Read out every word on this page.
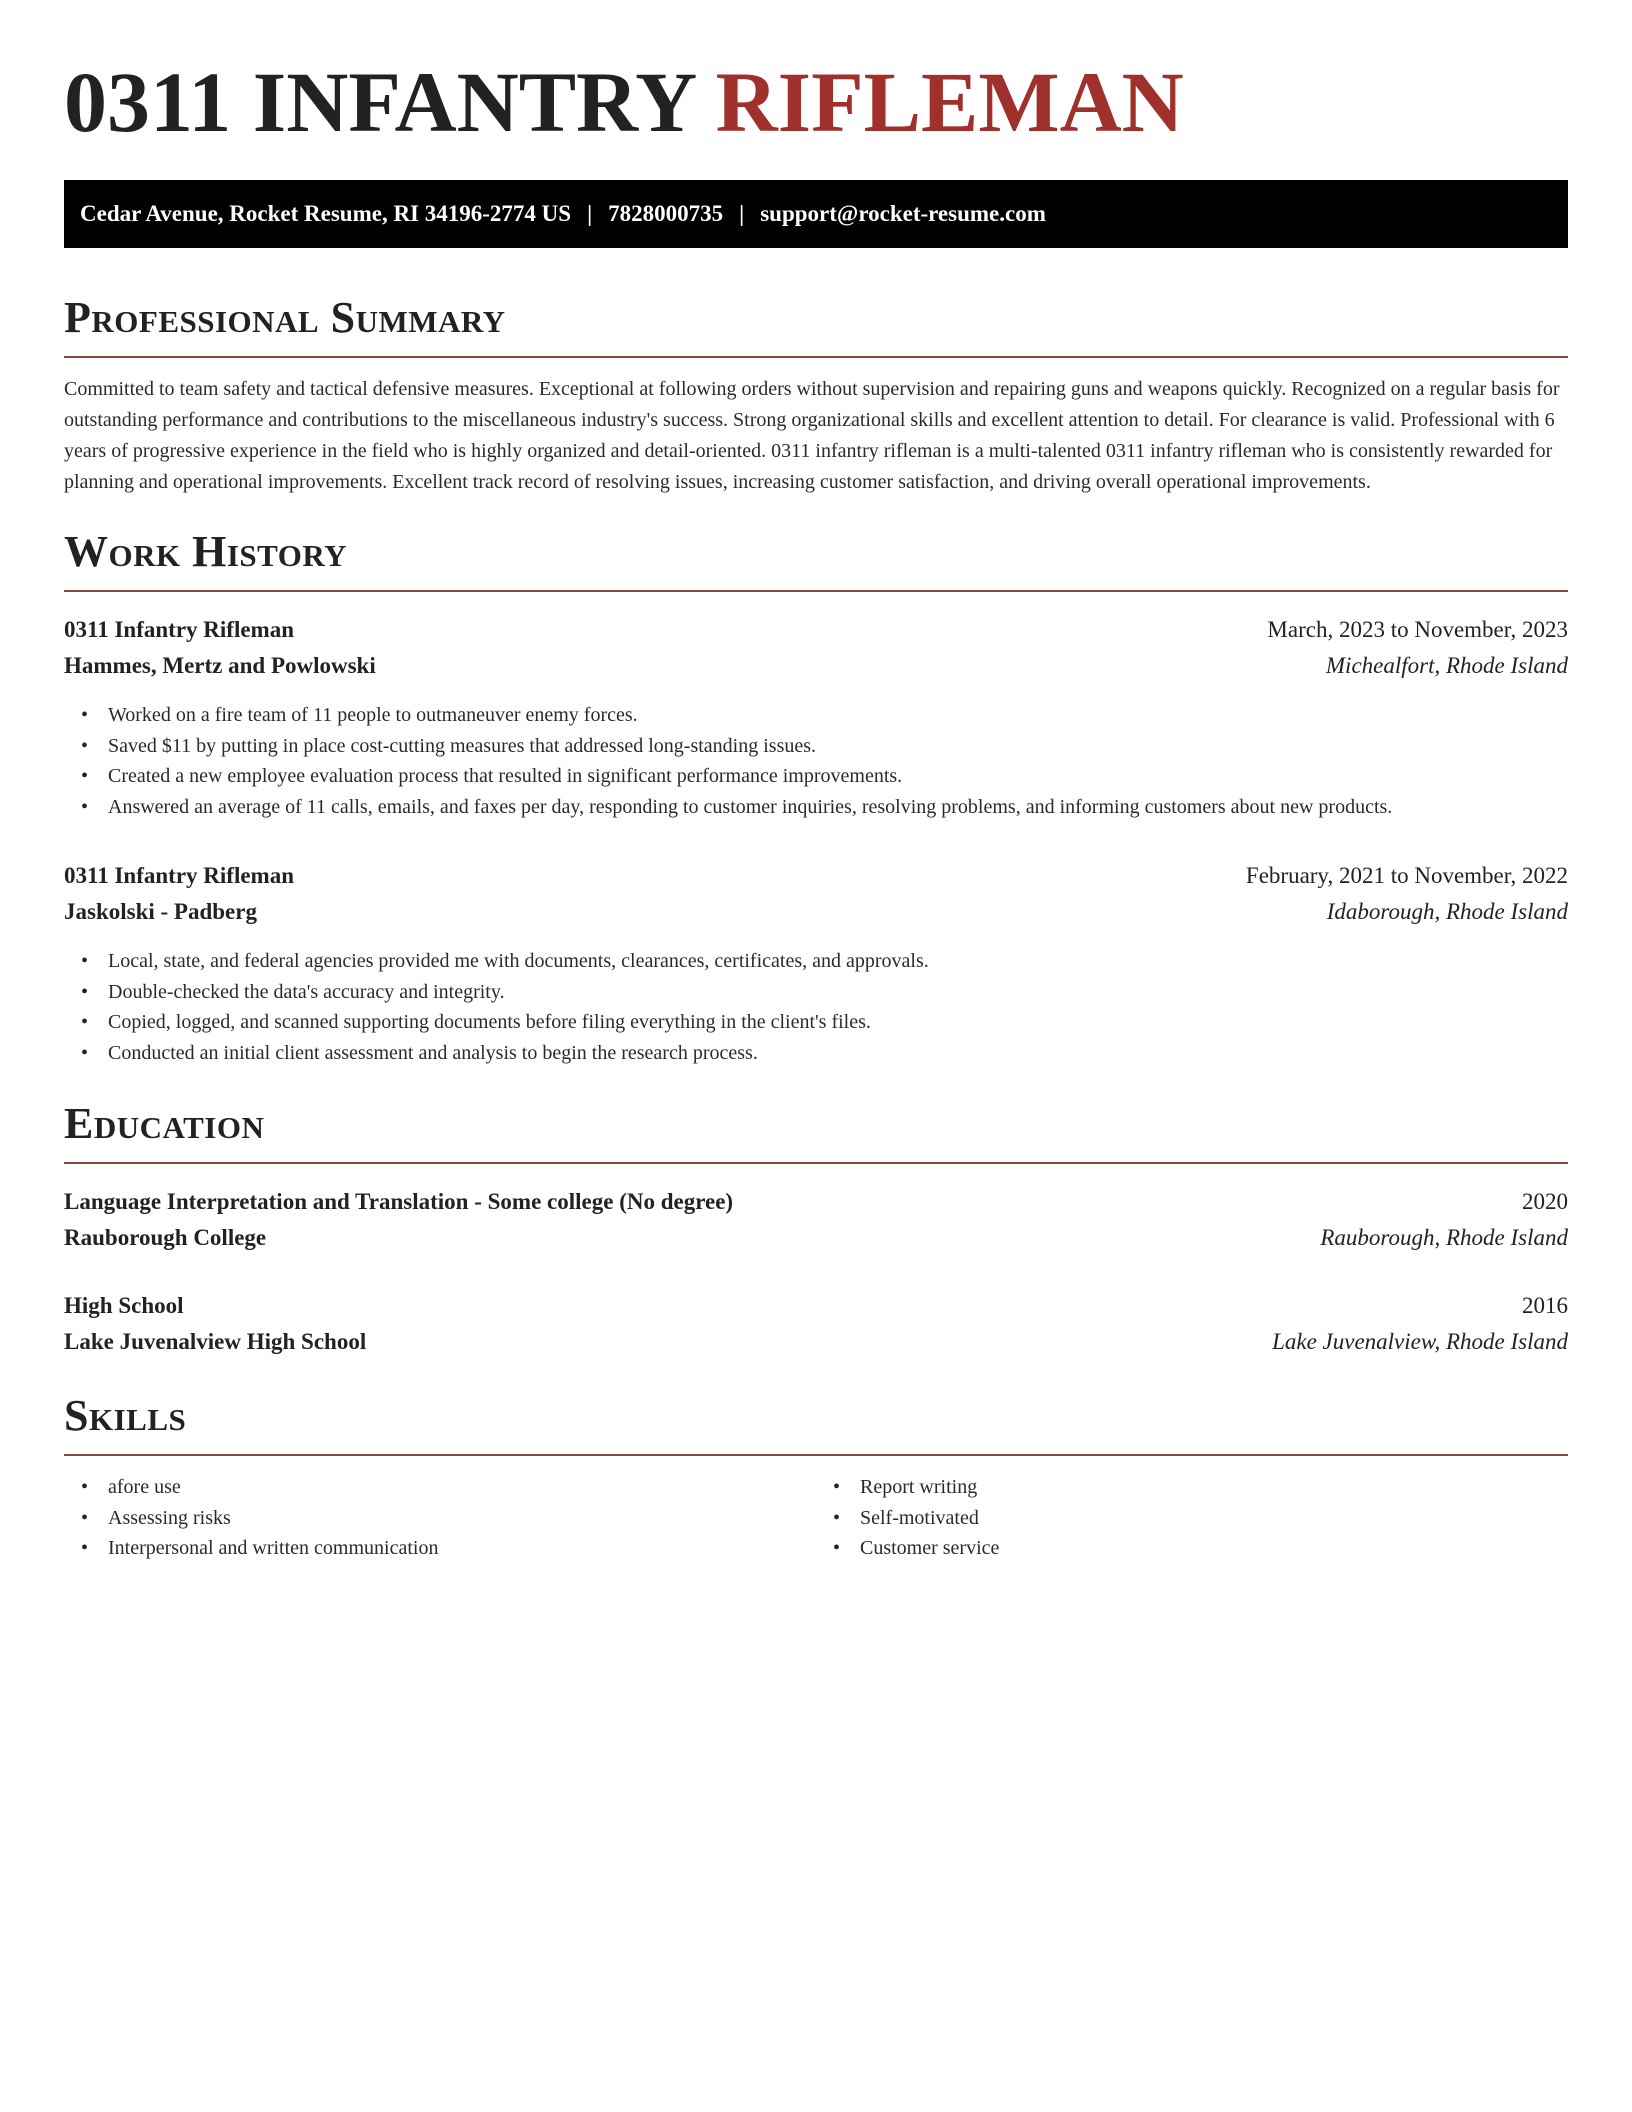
0311 INFANTRY RIFLEMAN
Cedar Avenue, Rocket Resume, RI 34196-2774 US | 7828000735 | support@rocket-resume.com
Professional Summary

Committed to team safety and tactical defensive measures. Exceptional at following orders without supervision and repairing guns and weapons quickly. Recognized on a regular basis for outstanding performance and contributions to the miscellaneous industry's success. Strong organizational skills and excellent attention to detail. For clearance is valid. Professional with 6 years of progressive experience in the field who is highly organized and detail-oriented. 0311 infantry rifleman is a multi-talented 0311 infantry rifleman who is consistently rewarded for planning and operational improvements. Excellent track record of resolving issues, increasing customer satisfaction, and driving overall operational improvements.

Work History
0311 Infantry Rifleman	March, 2023 to November, 2023
Hammes, Mertz and Powlowski	Michealfort, Rhode Island
• Worked on a fire team of 11 people to outmaneuver enemy forces.
• Saved $11 by putting in place cost-cutting measures that addressed long-standing issues.
• Created a new employee evaluation process that resulted in significant performance improvements.
• Answered an average of 11 calls, emails, and faxes per day, responding to customer inquiries, resolving problems, and informing customers about new products.
0311 Infantry Rifleman	February, 2021 to November, 2022
Jaskolski - Padberg	Idaborough, Rhode Island
• Local, state, and federal agencies provided me with documents, clearances, certificates, and approvals.
• Double-checked the data's accuracy and integrity.
• Copied, logged, and scanned supporting documents before filing everything in the client's files.
• Conducted an initial client assessment and analysis to begin the research process.
Education
Language Interpretation and Translation - Some college (No degree)	2020
Rauborough College	Rauborough, Rhode Island
High School	2016
Lake Juvenalview High School	Lake Juvenalview, Rhode Island
Skills
• afore use
• Assessing risks
• Interpersonal and written communication
• Report writing
• Self-motivated
• Customer service
